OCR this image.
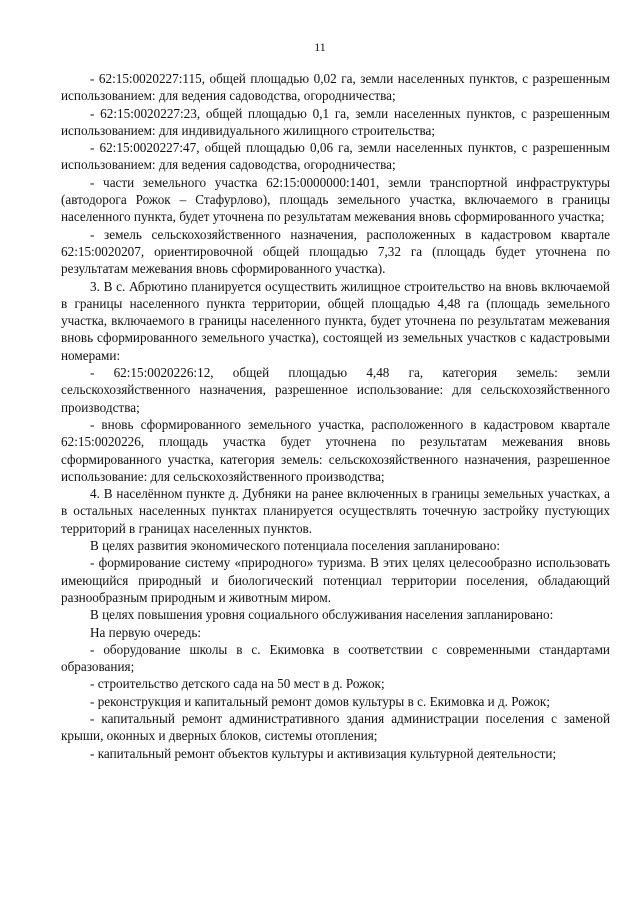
11

- 62:15:0020227:115, общей площадью 0,02 га, земли населенных пунктов, с разрешенным использованием: для ведения садоводства, огородничества;

- 62:15:0020227:23, общей площадью 0,1 га, земли населенных пунктов, с разрешенным использованием: для индивидуального жилищного строительства;

- 62:15:0020227:47, общей площадью 0,06 га, земли населенных пунктов, с разрешенным использованием: для ведения садоводства, огородничества;

- части земельного участка 62:15:0000000:1401, земли транспортной инфраструктуры (автодорога Рожок – Стафурлово), площадь земельного участка, включаемого в границы населенного пункта, будет уточнена по результатам межевания вновь сформированного участка;

- земель сельскохозяйственного назначения, расположенных в кадастровом квартале 62:15:0020207, ориентировочной общей площадью 7,32 га (площадь будет уточнена по результатам межевания вновь сформированного участка).

3. В с. Абрютино планируется осуществить жилищное строительство на вновь включаемой в границы населенного пункта территории, общей площадью 4,48 га (площадь земельного участка, включаемого в границы населенного пункта, будет уточнена по результатам межевания вновь сформированного земельного участка), состоящей из земельных участков с кадастровыми номерами:

- 62:15:0020226:12, общей площадью 4,48 га, категория земель: земли сельскохозяйственного назначения, разрешенное использование: для сельскохозяйственного производства;

- вновь сформированного земельного участка, расположенного в кадастровом квартале 62:15:0020226, площадь участка будет уточнена по результатам межевания вновь сформированного участка, категория земель: сельскохозяйственного назначения, разрешенное использование: для сельскохозяйственного производства;

4. В населённом пункте д. Дубняки на ранее включенных в границы земельных участках, а в остальных населенных пунктах планируется осуществлять точечную застройку пустующих территорий в границах населенных пунктов.

В целях развития экономического потенциала поселения запланировано:

- формирование систему «природного» туризма. В этих целях целесообразно использовать имеющийся природный и биологический потенциал территории поселения, обладающий разнообразным природным и животным миром.

В целях повышения уровня социального обслуживания населения запланировано:

На первую очередь:

- оборудование школы в с. Екимовка в соответствии с современными стандартами образования;

- строительство детского сада на 50 мест в д. Рожок;

- реконструкция и капитальный ремонт домов культуры в с. Екимовка и д. Рожок;

- капитальный ремонт административного здания администрации поселения с заменой крыши, оконных и дверных блоков, системы отопления;

- капитальный ремонт объектов культуры и активизация культурной деятельности;
